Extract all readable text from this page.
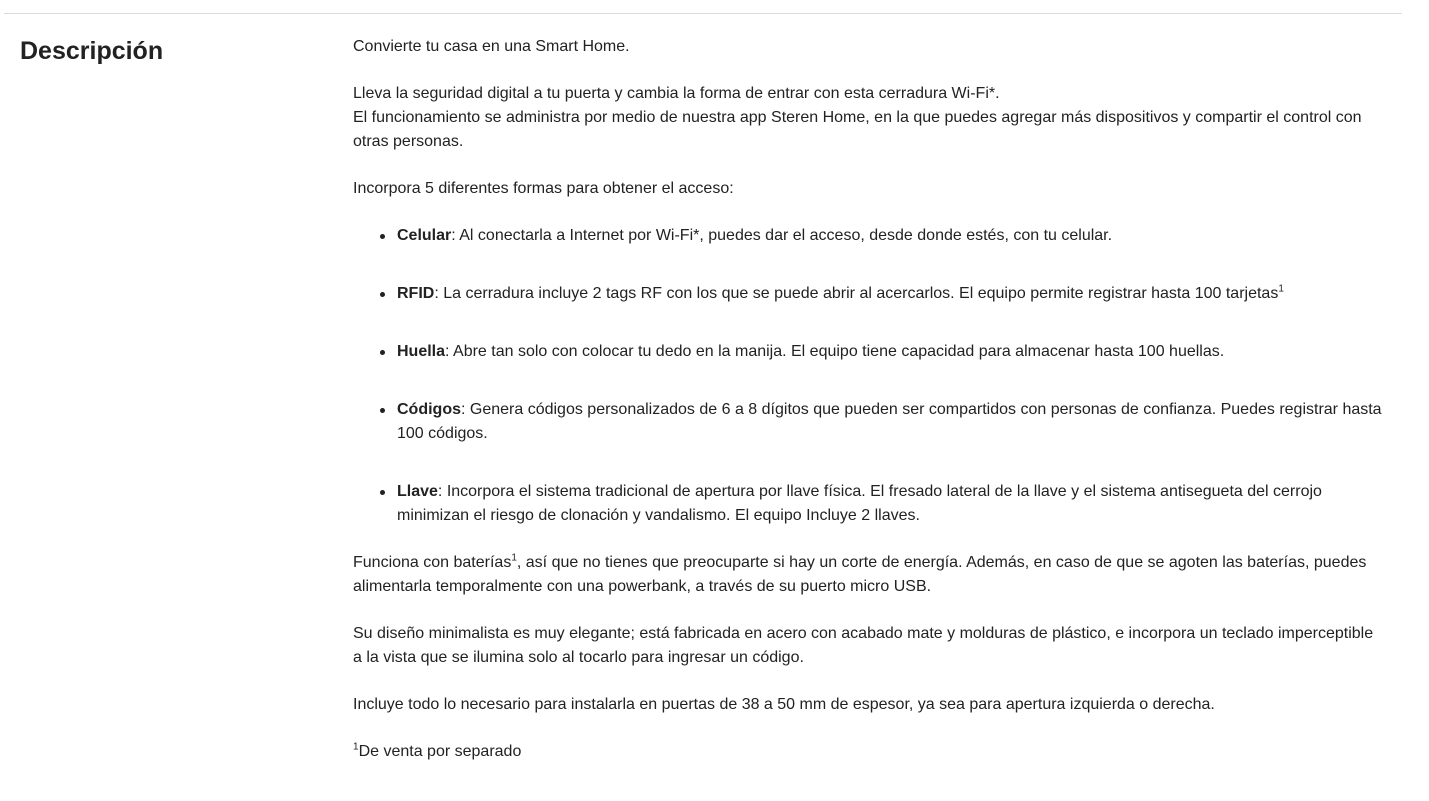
Descripción	Convierte tu casa en una Smart Home.

Lleva la seguridad digital a tu puerta y cambia la forma de entrar con esta cerradura Wi-Fi*.
El funcionamiento se administra por medio de nuestra app Steren Home, en la que puedes agregar más dispositivos y compartir el control con otras personas.

Incorpora 5 diferentes formas para obtener el acceso:

Celular: Al conectarla a Internet por Wi-Fi*, puedes dar el acceso, desde donde estés, con tu celular.
RFID: La cerradura incluye 2 tags RF con los que se puede abrir al acercarlos. El equipo permite registrar hasta 100 tarjetas$^1$
Huella: Abre tan solo con colocar tu dedo en la manija. El equipo tiene capacidad para almacenar hasta 100 huellas.
Códigos: Genera códigos personalizados de 6 a 8 dígitos que pueden ser compartidos con personas de confianza. Puedes registrar hasta 100 códigos.
Llave: Incorpora el sistema tradicional de apertura por llave física. El fresado lateral de la llave y el sistema antisegueta del cerrojo minimizan el riesgo de clonación y vandalismo. El equipo Incluye 2 llaves.

Funciona con baterías$^1$, así que no tienes que preocuparte si hay un corte de energía. Además, en caso de que se agoten las baterías, puedes alimentarla temporalmente con una powerbank, a través de su puerto micro USB.

Su diseño minimalista es muy elegante; está fabricada en acero con acabado mate y molduras de plástico, e incorpora un teclado imperceptible a la vista que se ilumina solo al tocarlo para ingresar un código.

Incluye todo lo necesario para instalarla en puertas de 38 a 50 mm de espesor, ya sea para apertura izquierda o derecha.

$^1$De venta por separado
